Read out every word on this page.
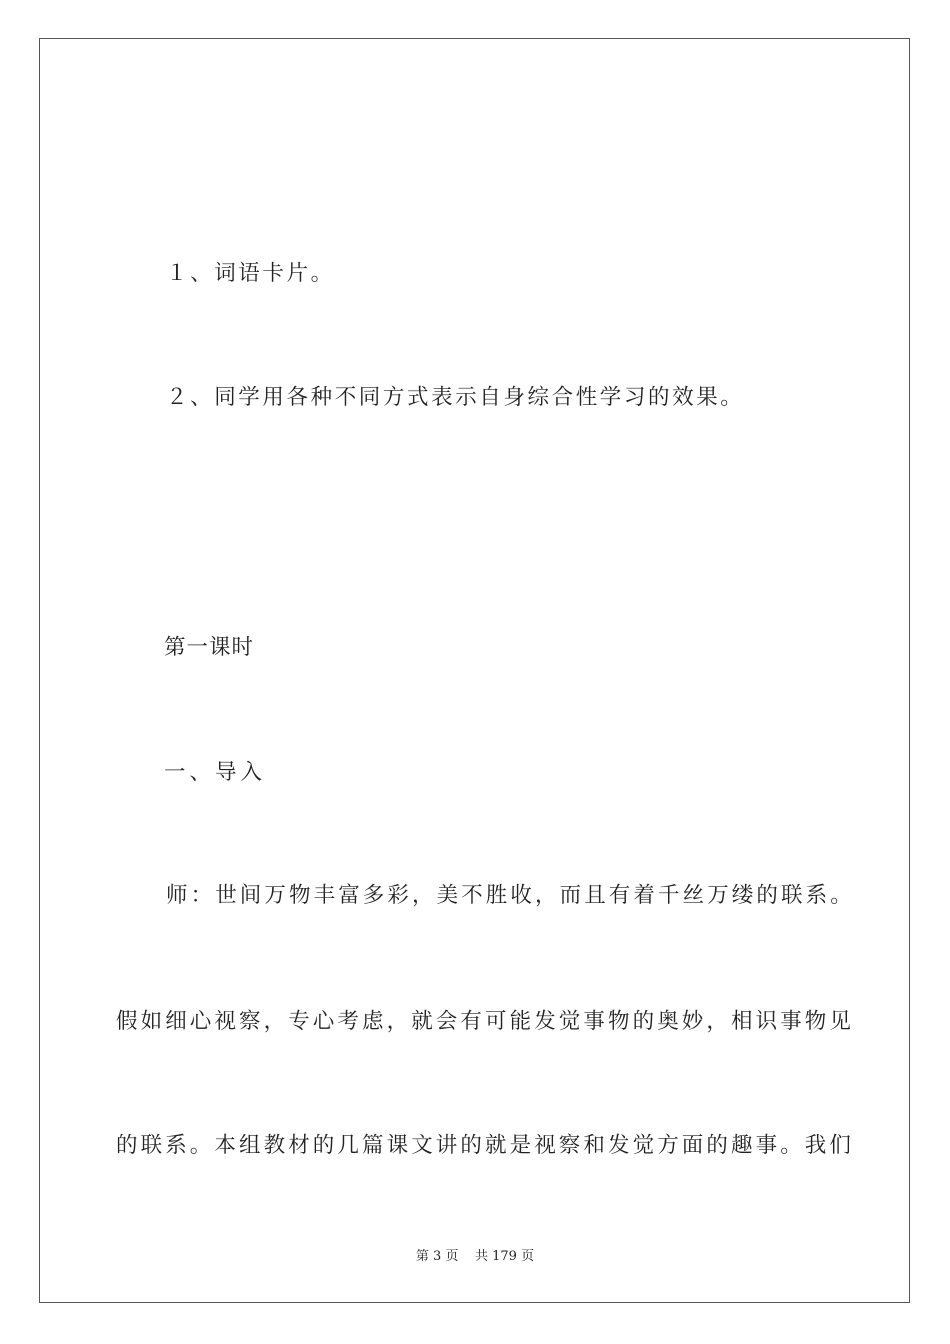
１、词语卡片。
２、同学用各种不同方式表示自身综合性学习的效果。
第一课时
一、导入
师：世间万物丰富多彩，美不胜收，而且有着千丝万缕的联系。
假如细心视察，专心考虑，就会有可能发觉事物的奥妙，相识事物见
的联系。本组教材的几篇课文讲的就是视察和发觉方面的趣事。我们
第 3 页    共 179 页
